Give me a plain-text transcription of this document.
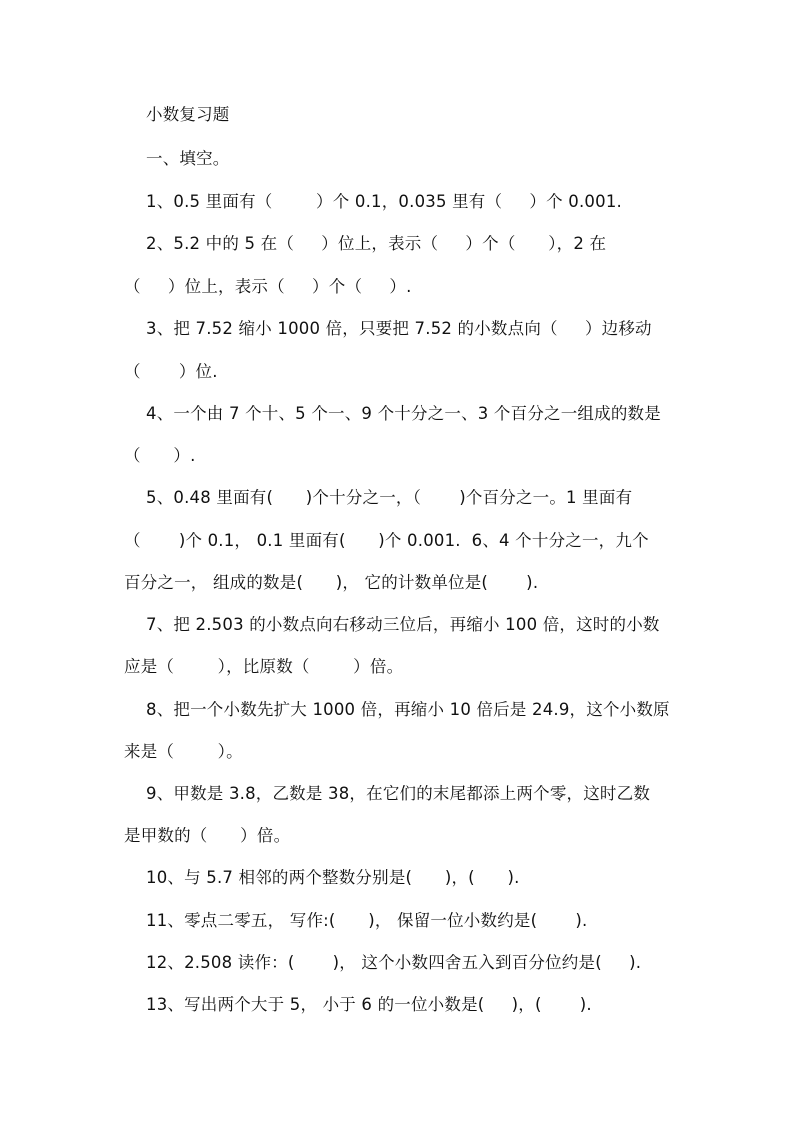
小数复习题
一、填空。
1、0.5 里面有（        ）个 0.1，0.035 里有（     ）个 0.001.
2、5.2 中的 5 在（     ）位上，表示（     ）个（      ），2 在
（     ）位上，表示（     ）个（     ）.
3、把 7.52 缩小 1000 倍，只要把 7.52 的小数点向（     ）边移动
（       ）位.
4、一个由 7 个十、5 个一、9 个十分之一、3 个百分之一组成的数是
（      ）.
5、0.48 里面有(      )个十分之一，（       )个百分之一。1 里面有
（       )个 0.1， 0.1 里面有(      )个 0.001.  6、4 个十分之一，九个
百分之一， 组成的数是(      )， 它的计数单位是(       ).
7、把 2.503 的小数点向右移动三位后，再缩小 100 倍，这时的小数
应是（        ），比原数（        ）倍。
8、把一个小数先扩大 1000 倍，再缩小 10 倍后是 24.9，这个小数原
来是（        ）。
9、甲数是 3.8，乙数是 38，在它们的末尾都添上两个零，这时乙数
是甲数的（      ）倍。
10、与 5.7 相邻的两个整数分别是(      )，(      ).
11、零点二零五， 写作:(      )， 保留一位小数约是(       ).
12、2.508 读作：(       )， 这个小数四舍五入到百分位约是(     ).
13、写出两个大于 5， 小于 6 的一位小数是(     )，(       ).
